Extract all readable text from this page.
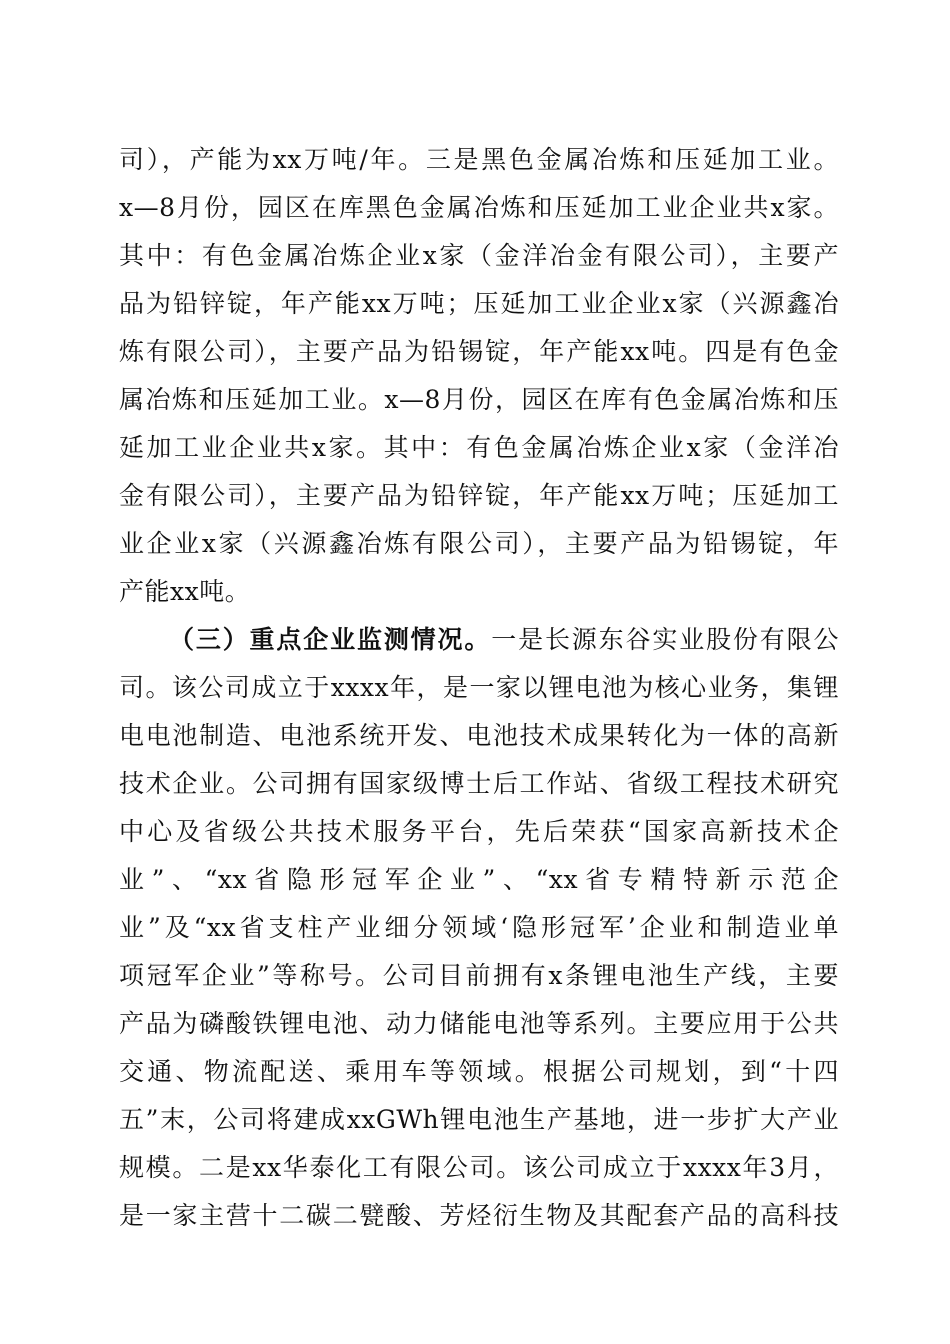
司），产能为xx万吨/年。三是黑色金属冶炼和压延加工业。
x—8月份，园区在库黑色金属冶炼和压延加工业企业共x家。
其中：有色金属冶炼企业x家（金洋冶金有限公司），主要产
品为铅锌锭，年产能xx万吨；压延加工业企业x家（兴源鑫冶
炼有限公司），主要产品为铅锡锭，年产能xx吨。四是有色金
属冶炼和压延加工业。x—8月份，园区在库有色金属冶炼和压
延加工业企业共x家。其中：有色金属冶炼企业x家（金洋冶
金有限公司），主要产品为铅锌锭，年产能xx万吨；压延加工
业企业x家（兴源鑫冶炼有限公司），主要产品为铅锡锭，年
产能xx吨。
（三）重点企业监测情况。一是长源东谷实业股份有限公
司。该公司成立于xxxx年，是一家以锂电池为核心业务，集锂
电电池制造、电池系统开发、电池技术成果转化为一体的高新
技术企业。公司拥有国家级博士后工作站、省级工程技术研究
中心及省级公共技术服务平台，先后荣获“国家高新技术企
业”、“xx省隐形冠军企业”、“xx省专精特新示范企
业”及“xx省支柱产业细分领域‘隐形冠军’企业和制造业单
项冠军企业”等称号。公司目前拥有x条锂电池生产线，主要
产品为磷酸铁锂电池、动力储能电池等系列。主要应用于公共
交通、物流配送、乘用车等领域。根据公司规划，到“十四
五”末，公司将建成xxGWh锂电池生产基地，进一步扩大产业
规模。二是xx华泰化工有限公司。该公司成立于xxxx年3月，
是一家主营十二碳二甓酸、芳烃衍生物及其配套产品的高科技
